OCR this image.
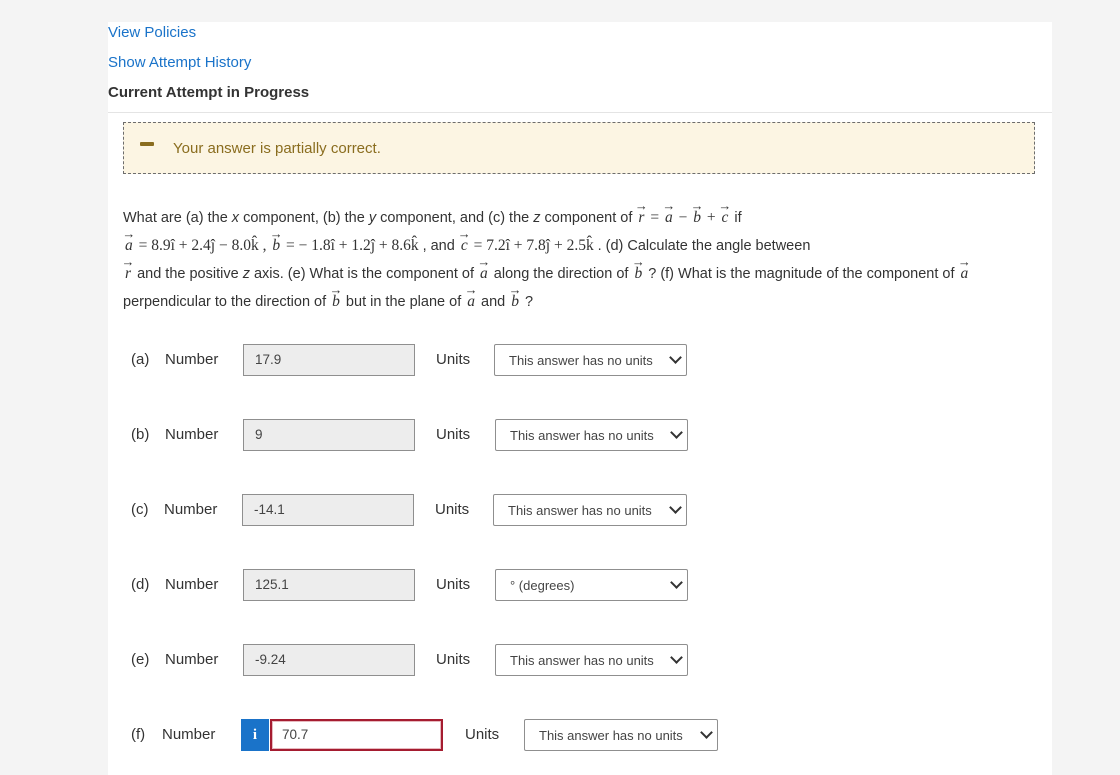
View Policies
Show Attempt History
Current Attempt in Progress
Your answer is partially correct.
What are (a) the x component, (b) the y component, and (c) the z component of → r = → a − → b + → c if
→ a = 8.9î + 2.4ĵ − 8.0k̂ , → b = − 1.8î + 1.2ĵ + 8.6k̂ , and → c = 7.2î + 7.8ĵ + 2.5k̂ . (d) Calculate the angle between
→ r and the positive z axis. (e) What is the component of → a along the direction of → b ? (f) What is the magnitude of the component of → a perpendicular to the direction of → b but in the plane of → a and → b ?
(a) Number	17.9	Units	This answer has no units
(b) Number	9	Units	This answer has no units
(c) Number	-14.1	Units	This answer has no units
(d) Number	125.1	Units	° (degrees)
(e) Number	-9.24	Units	This answer has no units
(f) Number	i	70.7	Units	This answer has no units
